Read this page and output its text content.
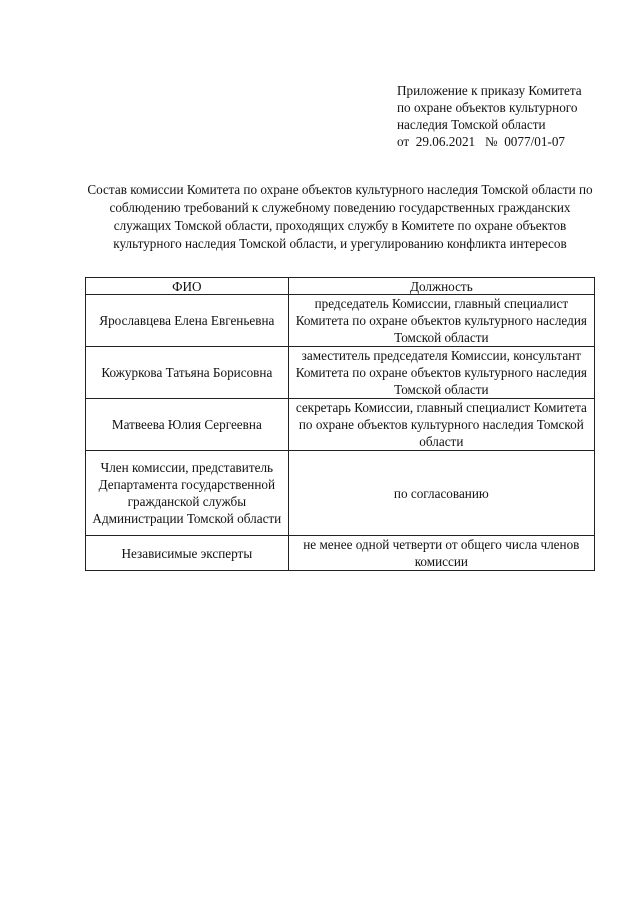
Приложение к приказу Комитета
по охране объектов культурного
наследия Томской области
от 29.06.2021 № 0077/01-07
Состав комиссии Комитета по охране объектов культурного наследия Томской области по соблюдению требований к служебному поведению государственных гражданских служащих Томской области, проходящих службу в Комитете по охране объектов культурного наследия Томской области, и урегулированию конфликта интересов
ФИО	Должность
Ярославцева Елена Евгеньевна	председатель Комиссии, главный специалист Комитета по охране объектов культурного наследия Томской области
Кожуркова Татьяна Борисовна	заместитель председателя Комиссии, консультант Комитета по охране объектов культурного наследия Томской области
Матвеева Юлия Сергеевна	секретарь Комиссии, главный специалист Комитета по охране объектов культурного наследия Томской области
Член комиссии, представитель Департамента государственной гражданской службы Администрации Томской области	по согласованию
Независимые эксперты	не менее одной четверти от общего числа членов комиссии
